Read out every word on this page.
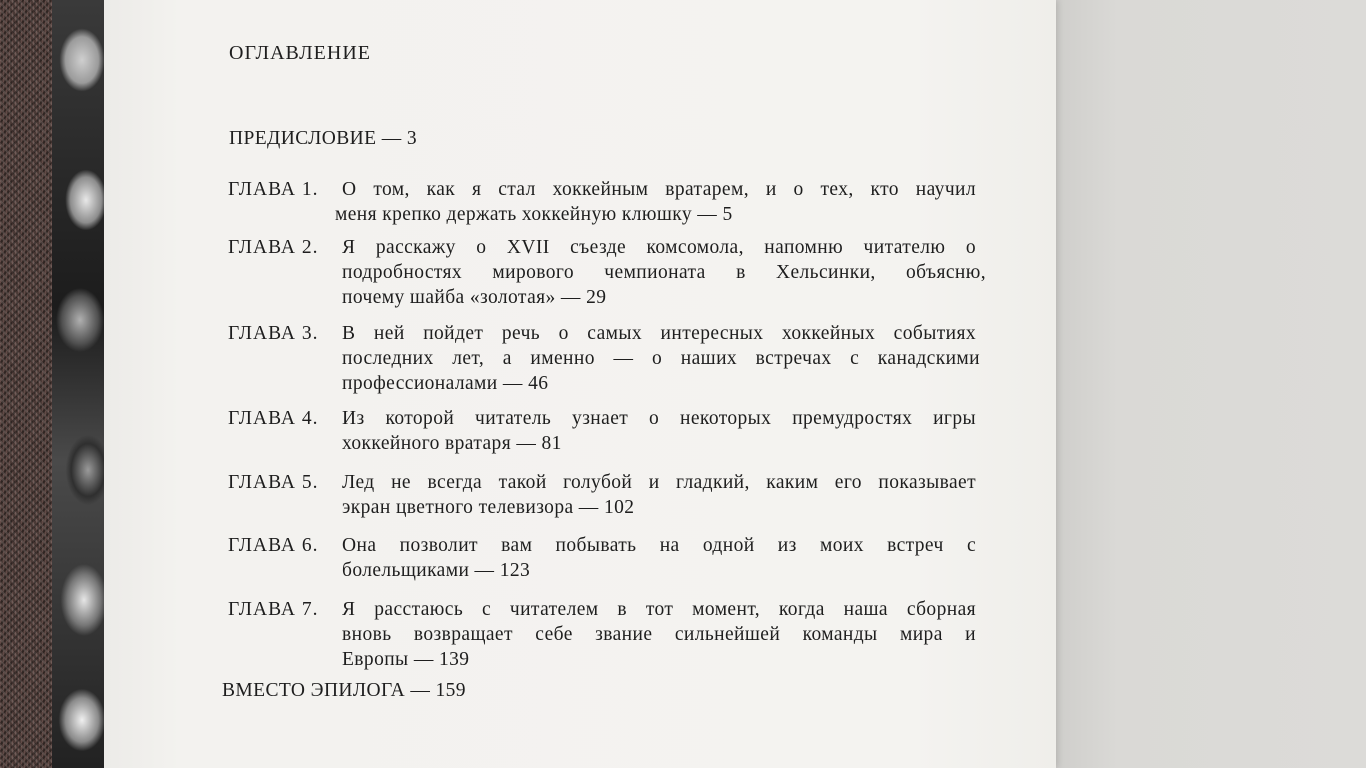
ОГЛАВЛЕНИЕ
ПРЕДИСЛОВИЕ — 3
ГЛАВА 1.	О том, как я стал хоккейным вратарем, и о тех, кто научил
меня крепко держать хоккейную клюшку — 5
ГЛАВА 2.	Я расскажу о XVII съезде комсомола, напомню читателю о
подробностях мирового чемпионата в Хельсинки, объясню,
почему шайба «золотая» — 29
ГЛАВА 3.	В ней пойдет речь о самых интересных хоккейных событиях
последних лет, а именно — о наших встречах с канадскими
профессионалами — 46
ГЛАВА 4.	Из которой читатель узнает о некоторых премудростях игры
хоккейного вратаря — 81
ГЛАВА 5.	Лед не всегда такой голубой и гладкий, каким его показывает
экран цветного телевизора — 102
ГЛАВА 6.	Она позволит вам побывать на одной из моих встреч с
болельщиками — 123
ГЛАВА 7.	Я расстаюсь с читателем в тот момент, когда наша сборная
вновь возвращает себе звание сильнейшей команды мира и
Европы — 139
ВМЕСТО ЭПИЛОГА — 159
